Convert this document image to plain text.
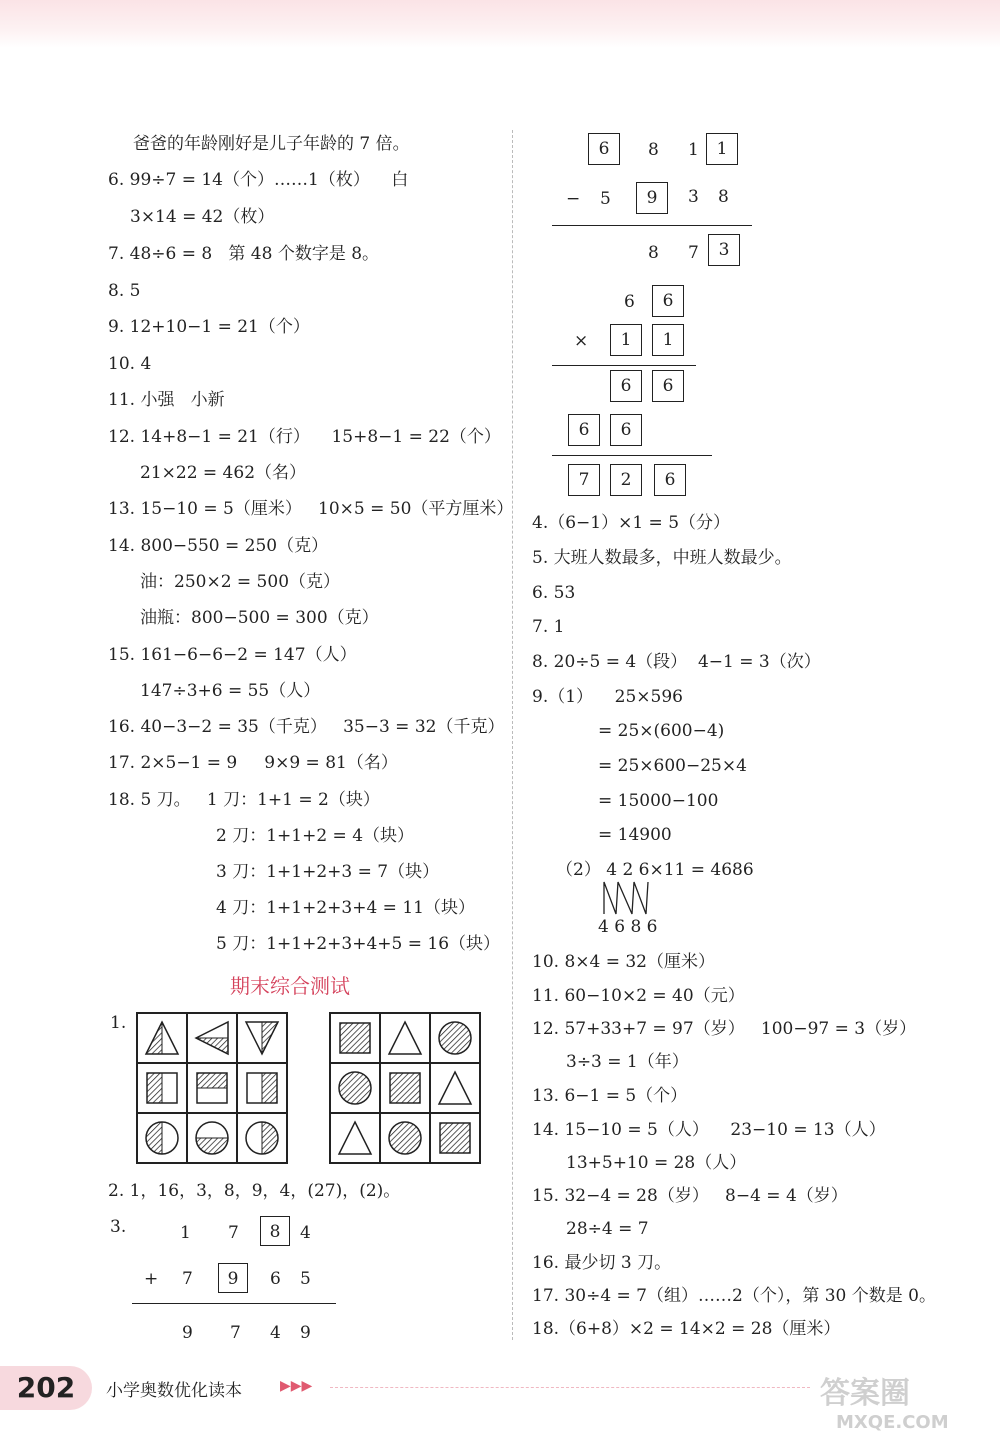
爸爸的年龄刚好是儿子年龄的 7 倍。
6. 99÷7 = 14（个）……1（枚）    白
3×14 = 42（枚）
7. 48÷6 = 8   第 48 个数字是 8。
8. 5
9. 12+10−1 = 21（个）
10. 4
11. 小强   小新
12. 14+8−1 = 21（行）    15+8−1 = 22（个）
21×22 = 462（名）
13. 15−10 = 5（厘米）   10×5 = 50（平方厘米）
14. 800−550 = 250（克）
油：250×2 = 500（克）
油瓶：800−500 = 300（克）
15. 161−6−6−2 = 147（人）
147÷3+6 = 55（人）
16. 40−3−2 = 35（千克）   35−3 = 32（千克）
17. 2×5−1 = 9     9×9 = 81（名）
18. 5 刀。   1 刀：1+1 = 2（块）
2 刀：1+1+2 = 4（块）
3 刀：1+1+2+3 = 7（块）
4 刀：1+1+2+3+4 = 11（块）
5 刀：1+1+2+3+4+5 = 16（块）
期末综合测试
1.
2. 1，16，3，8，9，4，(27)，(2)。
3.	1 7	8	4
+ 7	9	6 5
9 7 4 9
6	8 1	1
− 5	9	3 8
8 7	3
6	6
×	1	1
6	6
6	6
7	2	6
4.（6−1）×1 = 5（分）
5. 大班人数最多，中班人数最少。
6. 53
7. 1
8. 20÷5 = 4（段）  4−1 = 3（次）
9.（1）    25×596
= 25×(600−4)
= 25×600−25×4
= 15000−100
= 14900
（2） 4 2 6×11 = 4686
4 6 8 6
10. 8×4 = 32（厘米）
11. 60−10×2 = 40（元）
12. 57+33+7 = 97（岁）   100−97 = 3（岁）
3÷3 = 1（年）
13. 6−1 = 5（个）
14. 15−10 = 5（人）    23−10 = 13（人）
13+5+10 = 28（人）
15. 32−4 = 28（岁）   8−4 = 4（岁）
28÷4 = 7
16. 最少切 3 刀。
17. 30÷4 = 7（组）……2（个），第 30 个数是 0。
18.（6+8）×2 = 14×2 = 28（厘米）
202	小学奥数优化读本	▶▶▶	答案圈
MXQE.COM
